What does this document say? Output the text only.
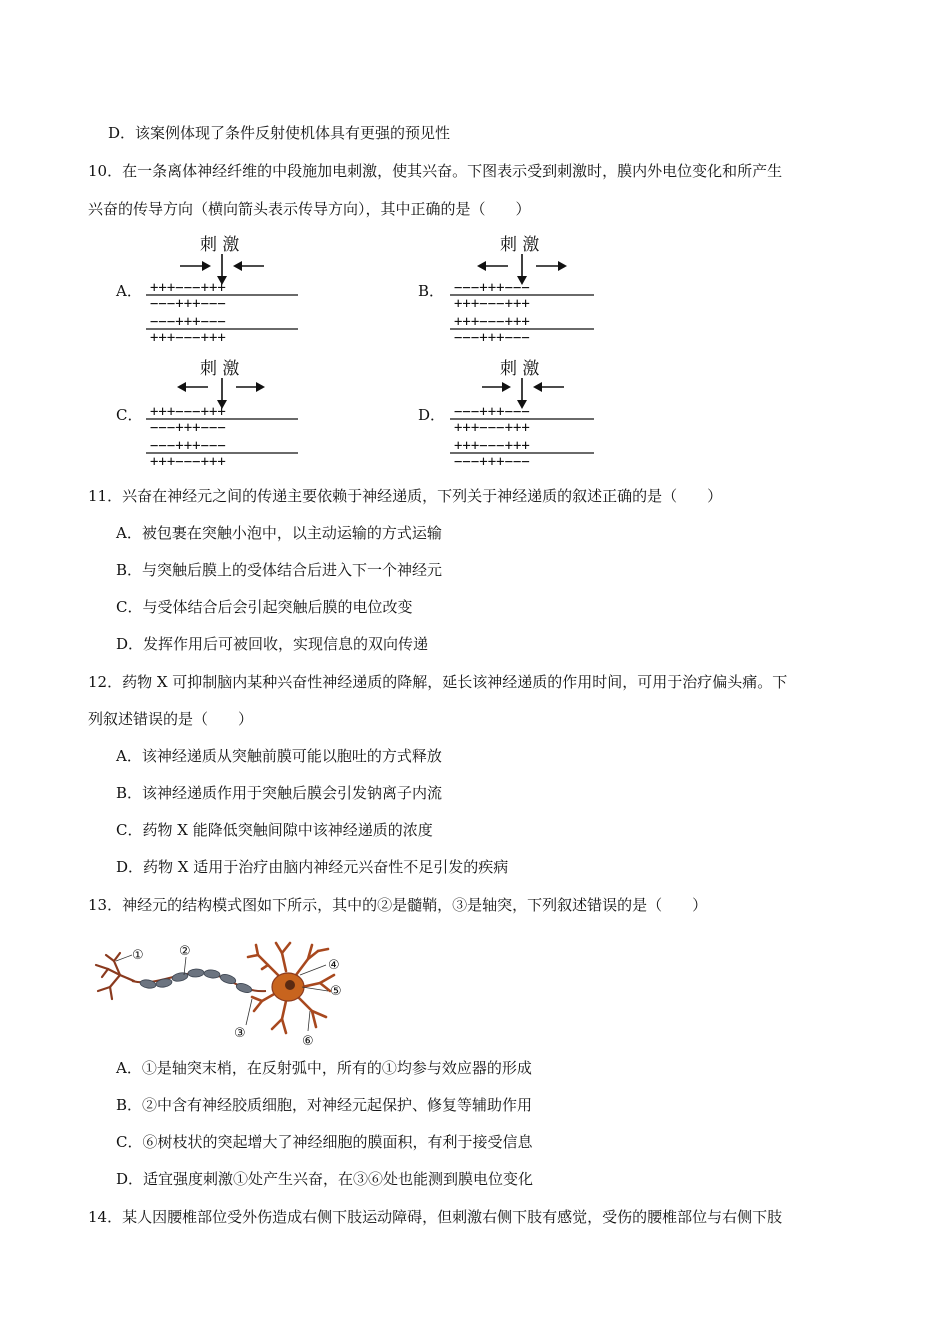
D．该案例体现了条件反射使机体具有更强的预见性
10．在一条离体神经纤维的中段施加电刺激，使其兴奋。下图表示受到刺激时，膜内外电位变化和所产生
兴奋的传导方向（横向箭头表示传导方向），其中正确的是（　　）
A．
刺 激
+++−−−+++
−−−+++−−−
−−−+++−−−
+++−−−+++
B．
刺 激
−−−+++−−−
+++−−−+++
+++−−−+++
−−−+++−−−
C．
刺 激
+++−−−+++
−−−+++−−−
−−−+++−−−
+++−−−+++
D．
刺 激
−−−+++−−−
+++−−−+++
+++−−−+++
−−−+++−−−
11．兴奋在神经元之间的传递主要依赖于神经递质，下列关于神经递质的叙述正确的是（　　）
A．被包裹在突触小泡中，以主动运输的方式运输
B．与突触后膜上的受体结合后进入下一个神经元
C．与受体结合后会引起突触后膜的电位改变
D．发挥作用后可被回收，实现信息的双向传递
12．药物 X 可抑制脑内某种兴奋性神经递质的降解，延长该神经递质的作用时间，可用于治疗偏头痛。下
列叙述错误的是（　　）
A．该神经递质从突触前膜可能以胞吐的方式释放
B．该神经递质作用于突触后膜会引发钠离子内流
C．药物 X 能降低突触间隙中该神经递质的浓度
D．药物 X 适用于治疗由脑内神经元兴奋性不足引发的疾病
13．神经元的结构模式图如下所示，其中的②是髓鞘，③是轴突，下列叙述错误的是（　　）
①	②
③
④
⑤
⑥
A．①是轴突末梢，在反射弧中，所有的①均参与效应器的形成
B．②中含有神经胶质细胞，对神经元起保护、修复等辅助作用
C．⑥树枝状的突起增大了神经细胞的膜面积，有利于接受信息
D．适宜强度刺激①处产生兴奋，在③⑥处也能测到膜电位变化
14．某人因腰椎部位受外伤造成右侧下肢运动障碍，但刺激右侧下肢有感觉，受伤的腰椎部位与右侧下肢
